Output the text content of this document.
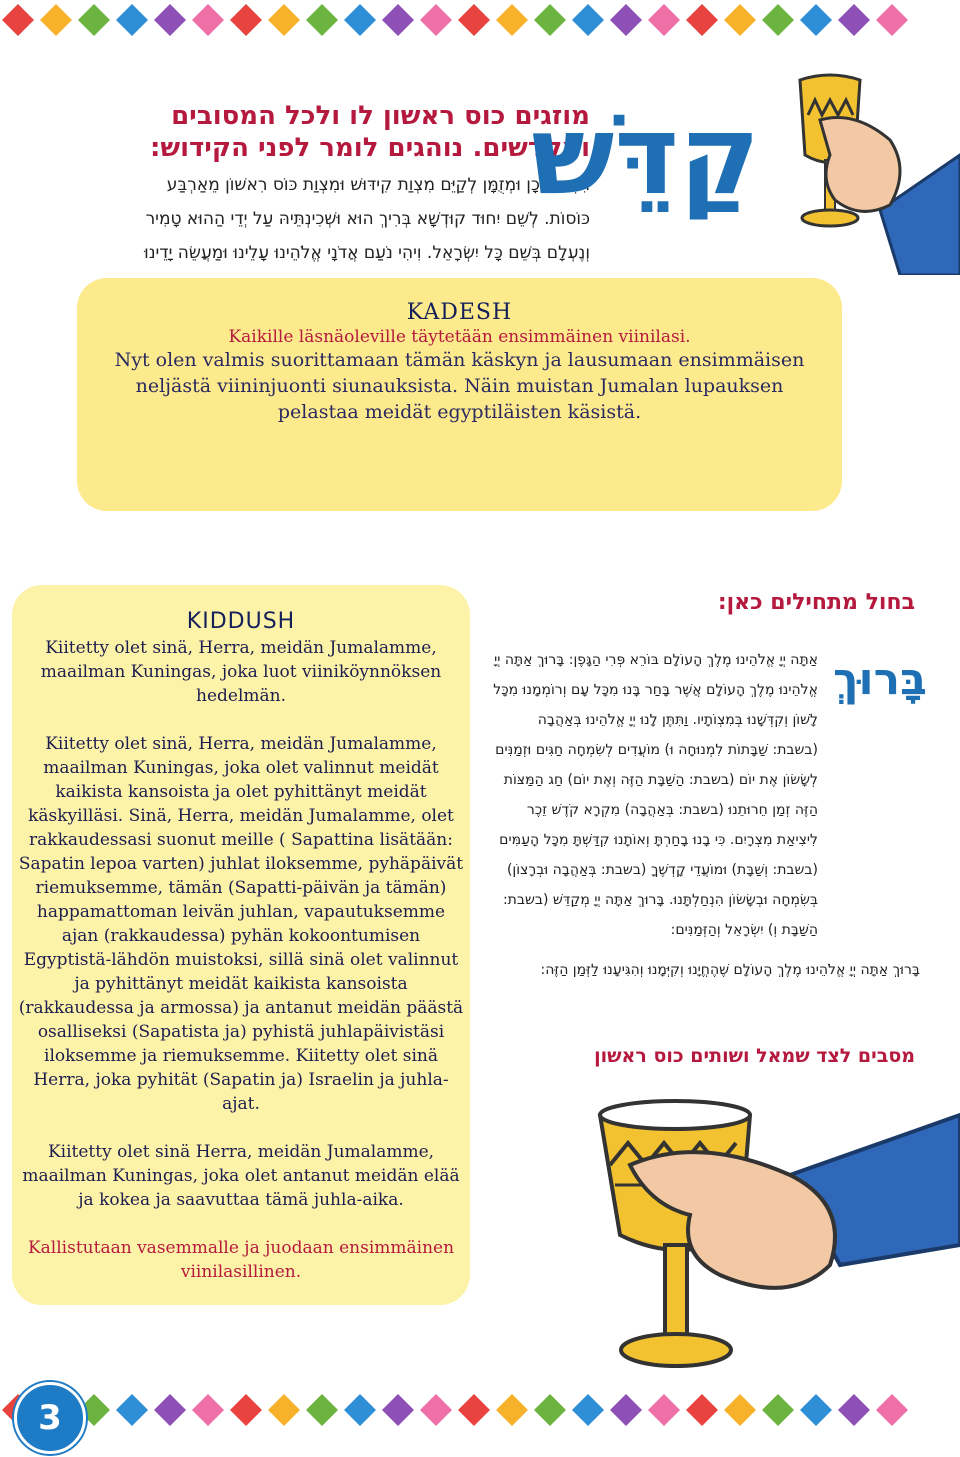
מוזגים כוס ראשון לו ולכל המסובים ומקדשים. נוהגים לומר לפני הקידוש:
הִנְנִי מוּכָן וּמְזֻמָּן לְקַיֵּם מִצְוַת קִידּוּשׁ וּמִצְוַת כּוֹס רִאשׁוֹן מֵאַרְבַּע כּוֹסוֹת. לְשֵׁם יִחוּד קוּדְשָׁא בְּרִיךְ הוּא וּשְׁכִינְתֵּיהּ עַל יְדֵי הַהוּא טָמִיר וְנֶעְלָם בְּשֵׁם כָּל יִשְׂרָאֵל. וִיהִי נֹעַם אֲדֹנָי אֱלֹהֵינוּ עָלֵינוּ וּמַעֲשֵׂה יָדֵינוּ
קַדֵּשׁ
KADESH
Kaikille läsnäoleville täytetään ensimmäinen viinilasi.
Nyt olen valmis suorittamaan tämän käskyn ja lausumaan ensimmäisen neljästä viininjuonti siunauksista. Näin muistan Jumalan lupauksen pelastaa meidät egyptiläisten käsistä.
KIDDUSH
Kiitetty olet sinä, Herra, meidän Jumalamme, maailman Kuningas, joka luot viiniköynnöksen hedelmän.
Kiitetty olet sinä, Herra, meidän Jumalamme, maailman Kuningas, joka olet valinnut meidät kaikista kansoista ja olet pyhittänyt meidät käskyilläsi. Sinä, Herra, meidän Jumalamme, olet rakkaudessasi suonut meille ( Sapattina lisätään: Sapatin lepoa varten) juhlat iloksemme, pyhäpäivät riemuksemme, tämän (Sapatti-päivän ja tämän) happamattoman leivän juhlan, vapautuksemme ajan (rakkaudessa) pyhän kokoontumisen Egyptistä-lähdön muistoksi, sillä sinä olet valinnut ja pyhittänyt meidät kaikista kansoista (rakkaudessa ja armossa) ja antanut meidän päästä osalliseksi (Sapatista ja) pyhistä juhlapäivistäsi iloksemme ja riemuksemme. Kiitetty olet sinä Herra, joka pyhität (Sapatin ja) Israelin ja juhla-ajat.
Kiitetty olet sinä Herra, meidän Jumalamme, maailman Kuningas, joka olet antanut meidän elää ja kokea ja saavuttaa tämä juhla-aika.
Kallistutaan vasemmalle ja juodaan ensimmäinen viinilasillinen.
בחול מתחילים כאן:
בָּרוּךְ
אַתָּה יְיָ אֱלֹהֵינוּ מֶלֶךְ הָעוֹלָם בּוֹרֵא פְּרִי הַגָּפֶן: בָּרוּךְ אַתָּה יְיָ אֱלֹהֵינוּ מֶלֶךְ הָעוֹלָם אֲשֶׁר בָּחַר בָּנוּ מִכָּל עָם וְרוֹמְמָנוּ מִכָּל לָשׁוֹן וְקִדְּשָׁנוּ בְּמִצְוֹתָיו. וַתִּתֶּן לָנוּ יְיָ אֱלֹהֵינוּ בְּאַהֲבָה (בשבת: שַׁבָּתוֹת לִמְנוּחָה וּ) מוֹעֲדִים לְשִׂמְחָה חַגִּים וּזְמַנִּים לְשָׂשׂוֹן אֶת יוֹם (בשבת: הַשַּׁבָּת הַזֶּה וְאֶת יוֹם) חַג הַמַּצּוֹת הַזֶּה זְמַן חֵרוּתֵנוּ (בשבת: בְּאַהֲבָה) מִקְרָא קֹדֶשׁ זֵכֶר לִיצִיאַת מִצְרָיִם. כִּי בָנוּ בָחַרְתָּ וְאוֹתָנוּ קִדַּשְׁתָּ מִכָּל הָעַמִּים (בשבת: וְשַׁבָּת) וּמוֹעֲדֵי קָדְשֶׁךָ (בשבת: בְּאַהֲבָה וּבְרָצוֹן) בְּשִׂמְחָה וּבְשָׂשׂוֹן הִנְחַלְתָּנוּ. בָּרוּךְ אַתָּה יְיָ מְקַדֵּשׁ (בשבת: הַשַּׁבָּת וְ) יִשְׂרָאֵל וְהַזְּמַנִּים:
בָּרוּךְ אַתָּה יְיָ אֱלֹהֵינוּ מֶלֶךְ הָעוֹלָם שֶׁהֶחֱיָנוּ וְקִיְּמָנוּ וְהִגִּיעָנוּ לַזְּמַן הַזֶּה:
מסבים לצד שמאל ושותים כוס ראשון
3
